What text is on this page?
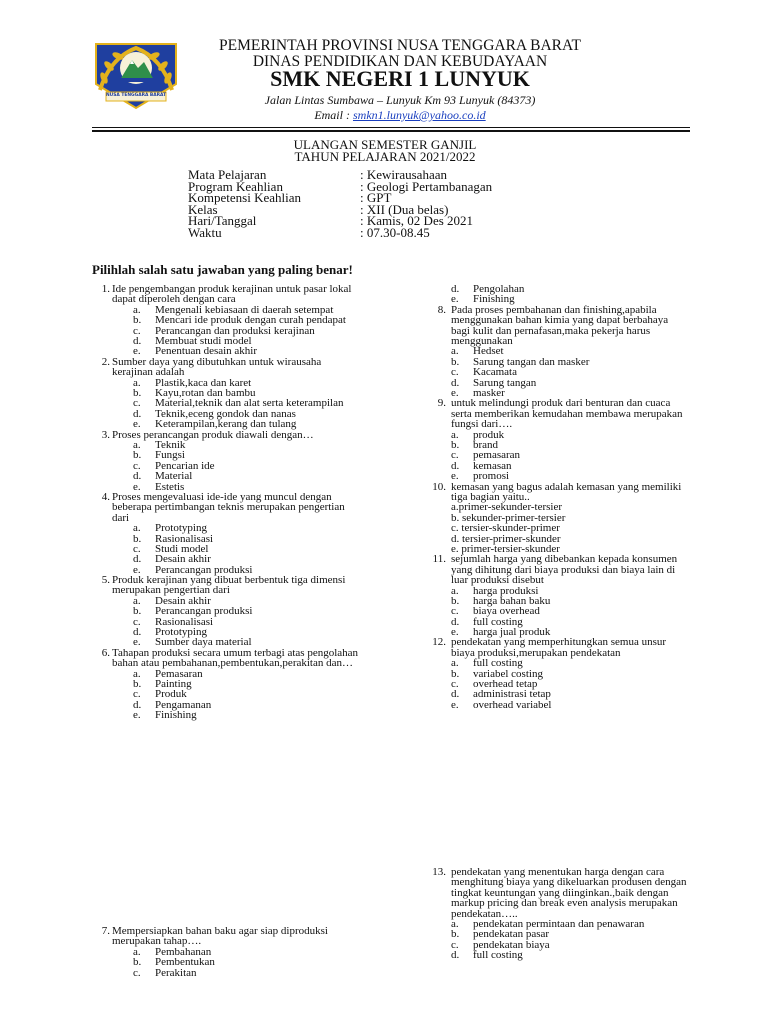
NUSA TENGGARA BARAT
PEMERINTAH PROVINSI NUSA TENGGARA BARAT
DINAS PENDIDIKAN DAN KEBUDAYAAN
SMK NEGERI 1 LUNYUK
Jalan Lintas Sumbawa – Lunyuk Km 93 Lunyuk (84373)
Email : smkn1.lunyuk@yahoo.co.id
ULANGAN SEMESTER GANJIL
TAHUN PELAJARAN 2021/2022
Mata Pelajaran	: Kewirausahaan
Program Keahlian	: Geologi Pertambanagan
Kompetensi Keahlian	: GPT
Kelas	: XII (Dua belas)
Hari/Tanggal	: Kamis, 02 Des 2021
Waktu	: 07.30-08.45
Pilihlah salah satu jawaban yang paling benar!
1. Ide pengembangan produk kerajinan untuk pasar lokal dapat diperoleh dengan cara
a. Mengenali kebiasaan di daerah setempat
b. Mencari ide produk dengan curah pendapat
c. Perancangan dan produksi kerajinan
d. Membuat studi model
e. Penentuan desain akhir
2. Sumber daya yang dibutuhkan untuk wirausaha kerajinan adalah
a. Plastik,kaca dan karet
b. Kayu,rotan dan bambu
c. Material,teknik dan alat serta keterampilan
d. Teknik,eceng gondok dan nanas
e. Keterampilan,kerang dan tulang
3. Proses perancangan produk diawali dengan…
a. Teknik
b. Fungsi
c. Pencarian ide
d. Material
e. Estetis
4. Proses mengevaluasi ide-ide yang muncul dengan beberapa pertimbangan teknis merupakan pengertian dari
a. Prototyping
b. Rasionalisasi
c. Studi model
d. Desain akhir
e. Perancangan produksi
5. Produk kerajinan yang dibuat berbentuk tiga dimensi merupakan pengertian dari
a. Desain akhir
b. Perancangan produksi
c. Rasionalisasi
d. Prototyping
e. Sumber daya material
6. Tahapan produksi secara umum terbagi atas pengolahan bahan atau pembahanan,pembentukan,perakitan dan…
a. Pemasaran
b. Painting
c. Produk
d. Pengamanan
e. Finishing
7. Mempersiapkan bahan baku agar siap diproduksi merupakan tahap….
a. Pembahanan
b. Pembentukan
c. Perakitan
d. Pengolahan
e. Finishing
8. Pada proses pembahanan dan finishing,apabila menggunakan bahan kimia yang dapat berbahaya bagi kulit dan pernafasan,maka pekerja harus menggunakan
a. Hedset
b. Sarung tangan dan masker
c. Kacamata
d. Sarung tangan
e. masker
9. untuk melindungi produk dari benturan dan cuaca serta memberikan kemudahan membawa merupakan fungsi dari….
a. produk
b. brand
c. pemasaran
d. kemasan
e. promosi
10. kemasan yang bagus adalah kemasan yang memiliki tiga bagian yaitu..
a.primer-sekunder-tersier
b. sekunder-primer-tersier
c. tersier-skunder-primer
d. tersier-primer-skunder
e. primer-tersier-skunder
11. sejumlah harga yang dibebankan kepada konsumen yang dihitung dari biaya produksi dan biaya lain di luar produksi disebut
a. harga produksi
b. harga bahan baku
c. biaya overhead
d. full costing
e. harga jual produk
12. pendekatan yang memperhitungkan semua unsur biaya produksi,merupakan pendekatan
a. full costing
b. variabel costing
c. overhead tetap
d. administrasi tetap
e. overhead variabel
13. pendekatan yang menentukan harga dengan cara menghitung biaya yang dikeluarkan produsen dengan tingkat keuntungan yang diinginkan.,baik dengan markup pricing dan break even analysis merupakan pendekatan…..
a. pendekatan permintaan dan penawaran
b. pendekatan pasar
c. pendekatan biaya
d. full costing
